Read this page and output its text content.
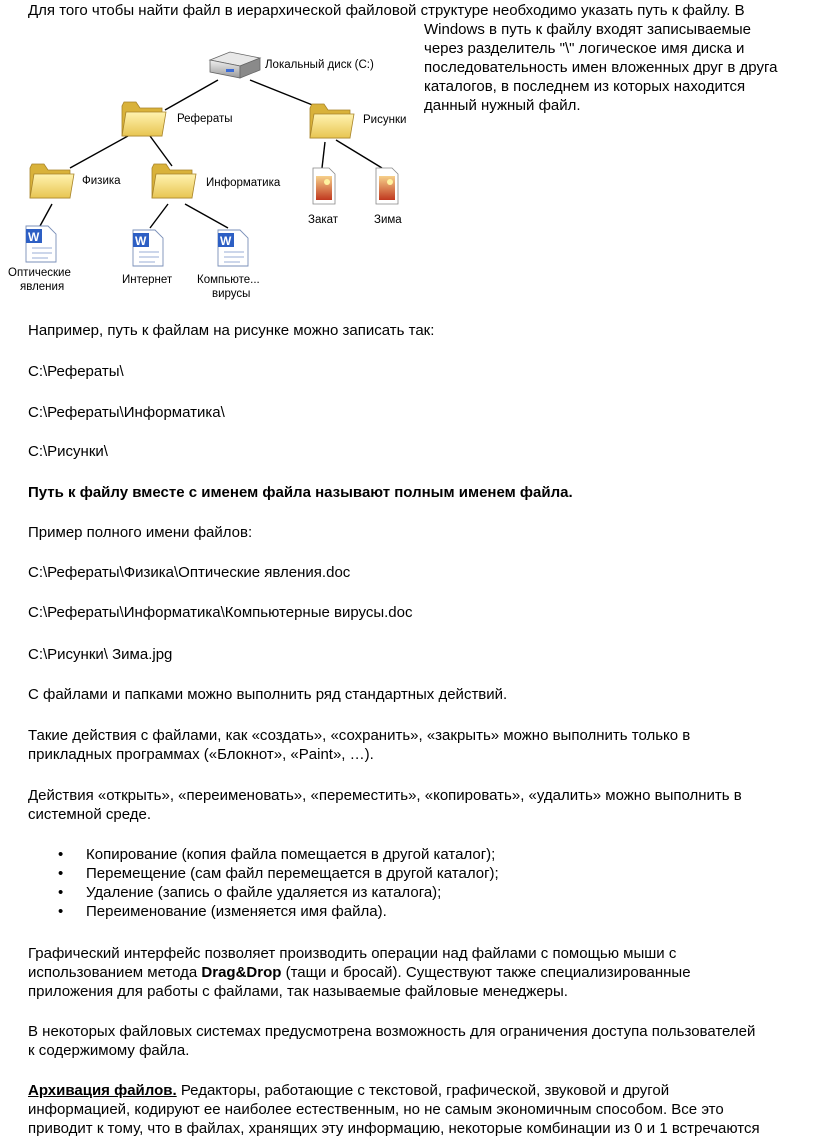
Для того чтобы найти файл в иерархической файловой структуре необходимо указать путь к файлу. В
Windows в путь к файлу входят записываемые
через разделитель "\" логическое имя диска и
последовательность имен вложенных друг в друга
каталогов, в последнем из которых находится
данный нужный файл.
Локальный диск (C:)
Рефераты	Рисунки
Физика	Информатика
Закат	Зима
W
Оптические
явления
W
Интернет
W
Компьюте...
вирусы

Например, путь к файлам на рисунке можно записать так:

C:\Рефераты\

C:\Рефераты\Информатика\

C:\Рисунки\

Путь к файлу вместе с именем файла называют полным именем файла.

Пример полного имени файлов:

C:\Рефераты\Физика\Оптические явления.doc

C:\Рефераты\Информатика\Компьютерные вирусы.doc

C:\Рисунки\ Зима.jpg

С файлами и папками можно выполнить ряд стандартных действий.

Такие действия с файлами, как «создать», «сохранить», «закрыть» можно выполнить только в
прикладных программах («Блокнот», «Paint», …).
Действия «открыть», «переименовать», «переместить», «копировать», «удалить» можно выполнить в
системной среде.
• Копирование (копия файла помещается в другой каталог);
• Перемещение (сам файл перемещается в другой каталог);
• Удаление (запись о файле удаляется из каталога);
• Переименование (изменяется имя файла).
Графический интерфейс позволяет производить операции над файлами с помощью мыши с
использованием метода Drag&Drop (тащи и бросай). Существуют также специализированные
приложения для работы с файлами, так называемые файловые менеджеры.
В некоторых файловых системах предусмотрена возможность для ограничения доступа пользователей
к содержимому файла.
Архивация файлов. Редакторы, работающие с текстовой, графической, звуковой и другой
информацией, кодируют ее наиболее естественным, но не самым экономичным способом. Все это
приводит к тому, что в файлах, хранящих эту информацию, некоторые комбинации из 0 и 1 встречаются
